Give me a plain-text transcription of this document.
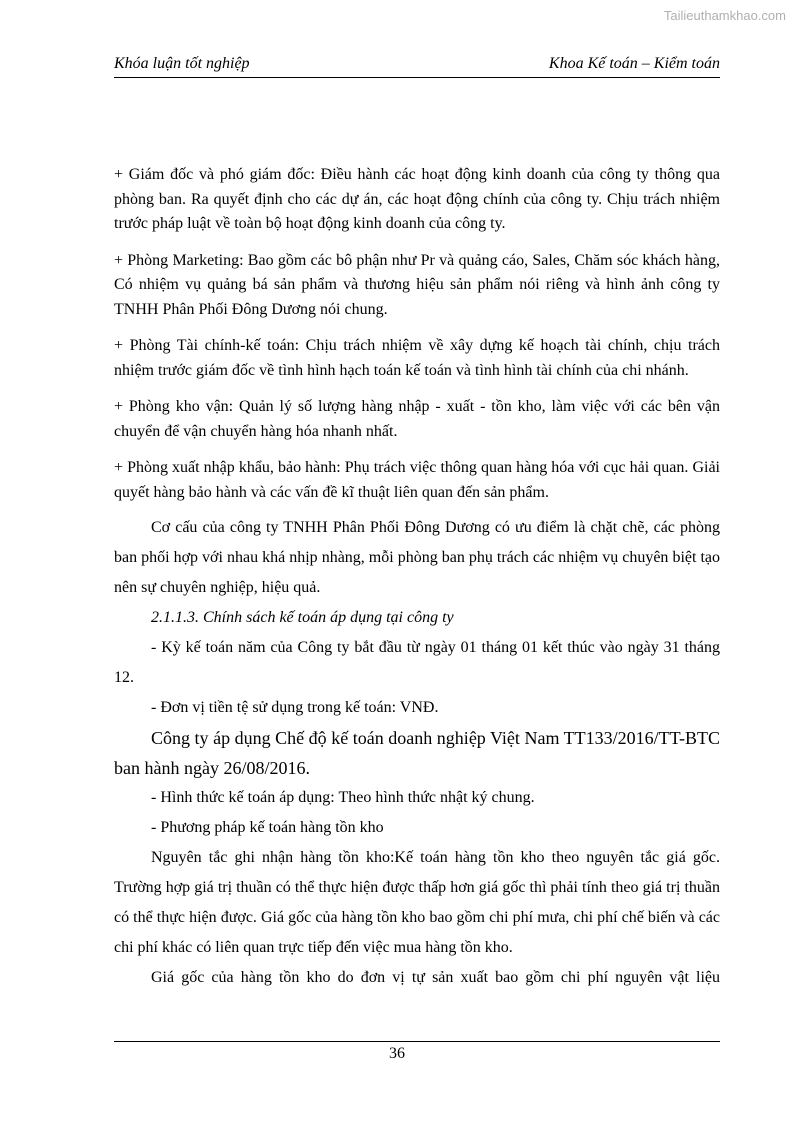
Tailieuthamkhao.com
Khóa luận tốt nghiệp	Khoa Kế toán – Kiểm toán

+ Giám đốc và phó giám đốc: Điều hành các hoạt động kinh doanh của công ty thông qua phòng ban. Ra quyết định cho các dự án, các hoạt động chính của công ty. Chịu trách nhiệm trước pháp luật về toàn bộ hoạt động kinh doanh của công ty.

+ Phòng Marketing: Bao gồm các bô phận như Pr và quảng cáo, Sales, Chăm sóc khách hàng, Có nhiệm vụ quảng bá sản phẩm và thương hiệu sản phẩm nói riêng và hình ảnh công ty TNHH Phân Phối Đông Dương nói chung.

+ Phòng Tài chính-kế toán: Chịu trách nhiệm về xây dựng kế hoạch tài chính, chịu trách nhiệm trước giám đốc về tình hình hạch toán kế toán và tình hình tài chính của chi nhánh.

+ Phòng kho vận: Quản lý số lượng hàng nhập - xuất - tồn kho, làm việc với các bên vận chuyển để vận chuyển hàng hóa nhanh nhất.

+ Phòng xuất nhập khẩu, bảo hành: Phụ trách việc thông quan hàng hóa với cục hải quan. Giải quyết hàng bảo hành và các vấn đề kĩ thuật liên quan đến sản phẩm.

Cơ cấu của công ty TNHH Phân Phối Đông Dương có ưu điểm là chặt chẽ, các phòng ban phối hợp với nhau khá nhịp nhàng, mỗi phòng ban phụ trách các nhiệm vụ chuyên biệt tạo nên sự chuyên nghiệp, hiệu quả.

2.1.1.3. Chính sách kế toán áp dụng tại công ty

- Kỳ kế toán năm của Công ty bắt đầu từ ngày 01 tháng 01 kết thúc vào ngày 31 tháng 12.

- Đơn vị tiền tệ sử dụng trong kế toán: VNĐ.

Công ty áp dụng Chế độ kế toán doanh nghiệp Việt Nam TT133/2016/TT-BTC ban hành ngày 26/08/2016.

- Hình thức kế toán áp dụng: Theo hình thức nhật ký chung.

- Phương pháp kế toán hàng tồn kho

Nguyên tắc ghi nhận hàng tồn kho:Kế toán hàng tồn kho theo nguyên tắc giá gốc. Trường hợp giá trị thuần có thể thực hiện được thấp hơn giá gốc thì phải tính theo giá trị thuần có thể thực hiện được. Giá gốc của hàng tồn kho bao gồm chi phí mưa, chi phí chế biến và các chi phí khác có liên quan trực tiếp đến việc mua hàng tồn kho.

Giá gốc của hàng tồn kho do đơn vị tự sản xuất bao gồm chi phí nguyên vật liệu

36
